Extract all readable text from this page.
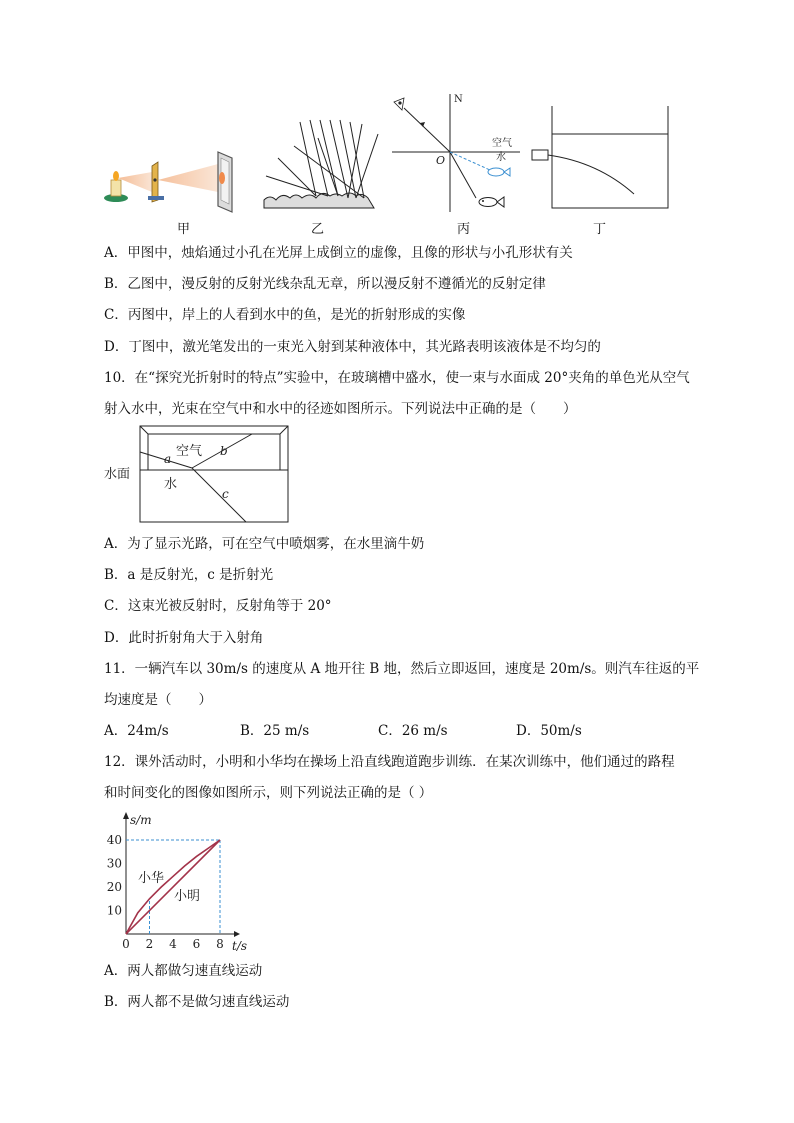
N
O
空气
水
甲	乙	丙	丁
A．甲图中，烛焰通过小孔在光屏上成倒立的虚像，且像的形状与小孔形状有关
B．乙图中，漫反射的反射光线杂乱无章，所以漫反射不遵循光的反射定律
C．丙图中，岸上的人看到水中的鱼，是光的折射形成的实像
D．丁图中，激光笔发出的一束光入射到某种液体中，其光路表明该液体是不均匀的
10．在“探究光折射时的特点”实验中，在玻璃槽中盛水，使一束与水面成 20°夹角的单色光从空气
射入水中，光束在空气中和水中的径迹如图所示。下列说法中正确的是（　　）
空气
a
b
c
水
水面
A．为了显示光路，可在空气中喷烟雾，在水里滴牛奶
B．a 是反射光，c 是折射光
C．这束光被反射时，反射角等于 20°
D．此时折射角大于入射角
11．一辆汽车以 30m/s 的速度从 A 地开往 B 地，然后立即返回，速度是 20m/s。则汽车往返的平
均速度是（　　）
A．24m/s	B．25 m/s	C．26 m/s	D．50m/s
12．课外活动时，小明和小华均在操场上沿直线跑道跑步训练．在某次训练中，他们通过的路程
和时间变化的图像如图所示，则下列说法正确的是（ ）
s/m
t/s
0 2 4 6 8
10
20
30
40
小华
小明
A．两人都做匀速直线运动
B．两人都不是做匀速直线运动
